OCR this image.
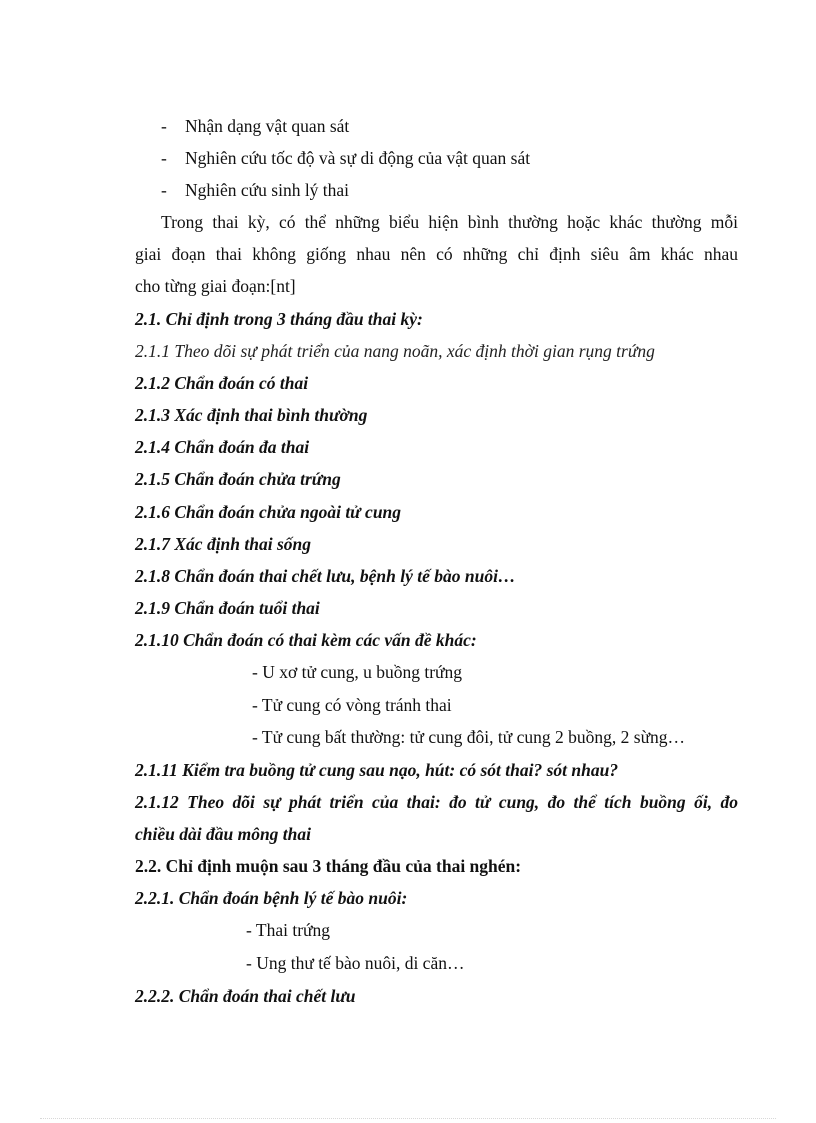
- Nhận dạng vật quan sát
- Nghiên cứu tốc độ và sự di động của vật quan sát
- Nghiên cứu sinh lý thai
Trong thai kỳ, có thể những biểu hiện bình thường hoặc khác thường mỗi
giai đoạn thai không giống nhau nên có những chỉ định siêu âm khác nhau
cho từng giai đoạn:[nt]
2.1. Chỉ định trong 3 tháng đầu thai kỳ:
2.1.1 Theo dõi sự phát triển của nang noãn, xác định thời gian rụng trứng
2.1.2 Chẩn đoán có thai
2.1.3 Xác định thai bình thường
2.1.4 Chẩn đoán đa thai
2.1.5 Chẩn đoán chửa trứng
2.1.6 Chẩn đoán chửa ngoài tử cung
2.1.7 Xác định thai sống
2.1.8 Chẩn đoán thai chết lưu, bệnh lý tế bào nuôi…
2.1.9 Chẩn đoán tuổi thai
2.1.10 Chẩn đoán có thai kèm các vấn đề khác:
- U xơ tử cung, u buồng trứng
- Tử cung có vòng tránh thai
- Tử cung bất thường: tử cung đôi, tử cung 2 buồng, 2 sừng…
2.1.11 Kiểm tra buồng tử cung sau nạo, hút: có sót thai? sót nhau?
2.1.12 Theo dõi sự phát triển của thai: đo tử cung, đo thể tích buồng ối, đo
chiều dài đầu mông thai
2.2. Chỉ định muộn sau 3 tháng đầu của thai nghén:
2.2.1. Chẩn đoán bệnh lý tế bào nuôi:
- Thai trứng
- Ung thư tế bào nuôi, di căn…
2.2.2. Chẩn đoán thai chết lưu
